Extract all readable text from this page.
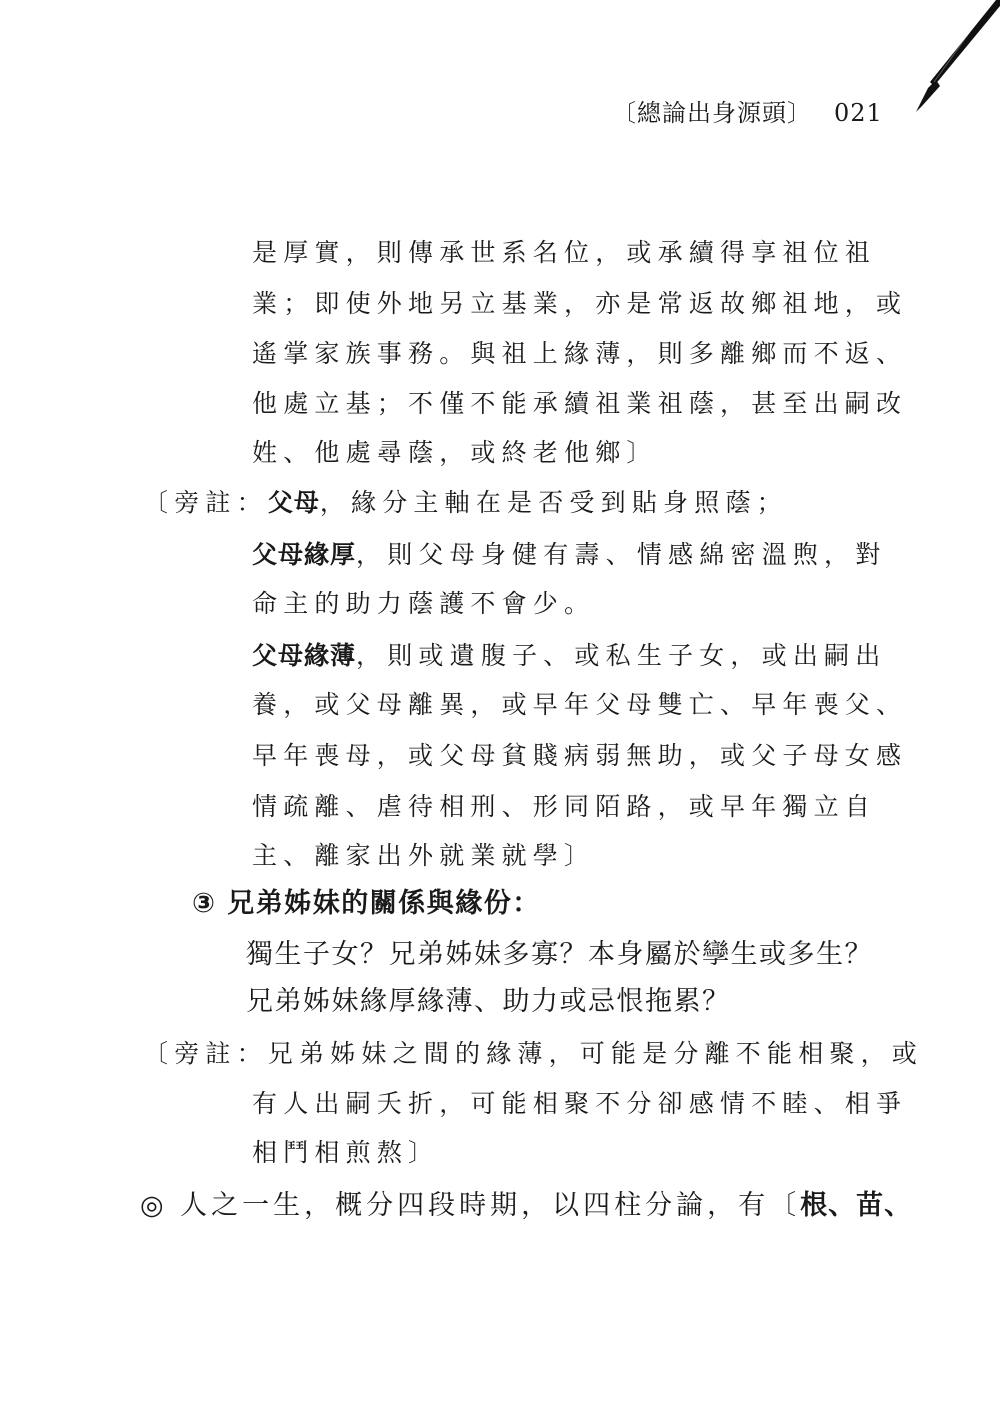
〔總論出身源頭〕 021
是厚實，則傳承世系名位，或承續得享祖位祖
業；即使外地另立基業，亦是常返故鄉祖地，或
遙掌家族事務。與祖上緣薄，則多離鄉而不返、
他處立基；不僅不能承續祖業祖蔭，甚至出嗣改
姓、他處尋蔭，或終老他鄉〕
〔旁註：父母，緣分主軸在是否受到貼身照蔭；
父母緣厚，則父母身健有壽、情感綿密溫煦，對
命主的助力蔭護不會少。
父母緣薄，則或遺腹子、或私生子女，或出嗣出
養，或父母離異，或早年父母雙亡、早年喪父、
早年喪母，或父母貧賤病弱無助，或父子母女感
情疏離、虐待相刑、形同陌路，或早年獨立自
主、離家出外就業就學〕
③ 兄弟姊妹的關係與緣份：
獨生子女？兄弟姊妹多寡？本身屬於孿生或多生？
兄弟姊妹緣厚緣薄、助力或忌恨拖累？
〔旁註：兄弟姊妹之間的緣薄，可能是分離不能相聚，或
有人出嗣夭折，可能相聚不分卻感情不睦、相爭
相鬥相煎熬〕
◎ 人之一生，概分四段時期，以四柱分論，有〔根、苗、
